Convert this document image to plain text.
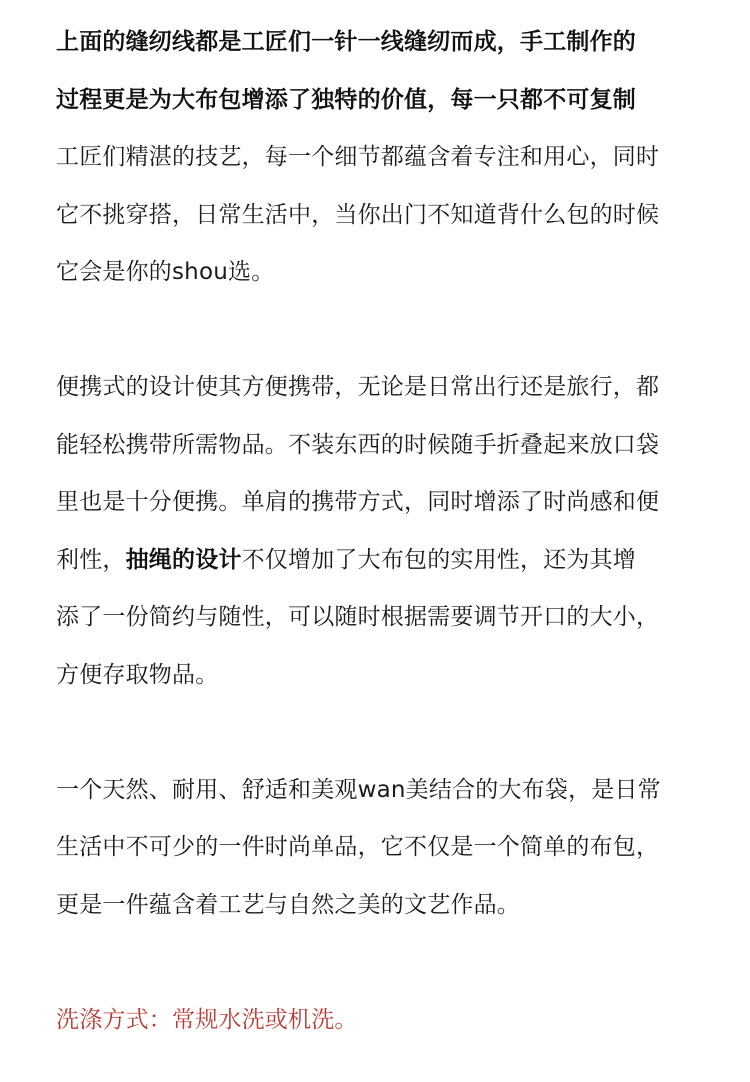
上面的缝纫线都是工匠们一针一线缝纫而成，手工制作的
过程更是为大布包增添了独特的价值，每一只都不可复制
工匠们精湛的技艺，每一个细节都蕴含着专注和用心，同时
它不挑穿搭，日常生活中，当你出门不知道背什么包的时候
它会是你的shou选。
便携式的设计使其方便携带，无论是日常出行还是旅行，都
能轻松携带所需物品。不装东西的时候随手折叠起来放口袋
里也是十分便携。单肩的携带方式，同时增添了时尚感和便
利性，抽绳的设计不仅增加了大布包的实用性，还为其增
添了一份简约与随性，可以随时根据需要调节开口的大小，
方便存取物品。
一个天然、耐用、舒适和美观wan美结合的大布袋，是日常
生活中不可少的一件时尚单品，它不仅是一个简单的布包，
更是一件蕴含着工艺与自然之美的文艺作品。
洗涤方式：常规水洗或机洗。
